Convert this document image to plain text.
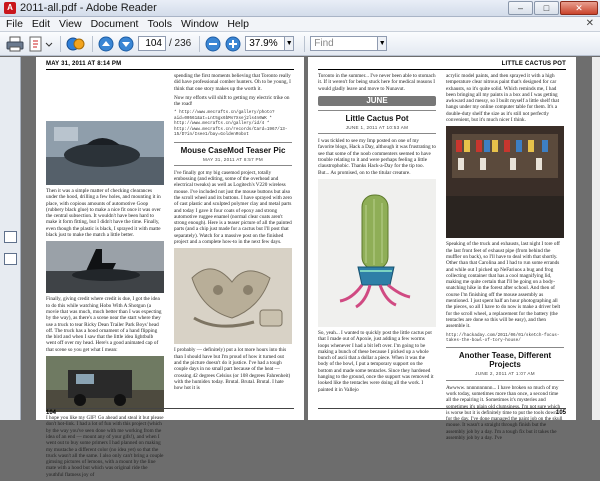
A 2011-all.pdf - Adobe Reader	–	□	✕
File Edit View Document Tools Window Help	✕
104 / 236	37.9%	▼	Find	▼
MAY 31, 2011 AT 8:14 PM

Then it was a simple matter of checking clearances under the hood, drilling a few holes, and mounting it in place, with copious amounts of automotive Goop (rubbery black glue) to make a nice fit once it was over the central subsection. It wouldn't have been hard to make it form fitting, but I didn't have the time. Finally, even though the plastic is black, I sprayed it with matte black just to make the match a little better.

Finally, giving credit where credit is due, I got the idea to do this while watching Hobo With A Shotgun (a movie that was much, much better than I was expecting by the way), as there's a scene near the start where they use a truck to tear Ricky Dean Trailer Park Boys' head off. The truck has a hood ornament of a hand flipping the bird and when I saw that the little idea lightbulb went off over my head. Here's a good animated cap of that scene so you get what I mean:

I hope you like my GIF! Go ahead and steal it but please don't hot-link. I had a lot of fun with this project (which by the way you've seen done with me working from the idea of an end — mount any of your gifs!), and when I went out to buy some primers I had planned on making my mustache a different color (no idea yet) so that the truck wasn't all the same. I also only can't bring a couple gimsing pictures of lemons, with a mount by the line mate with a hood but which was original ride the youthful flatness joy of

spending the first moments believing that Toronto really did have professional comber hunters. Oh to be young, I think that one story makes up the worth it.

Now my efforts will shift to getting my electric trike on the road!

* http://www.mecrafts.cn/gallery/photo?aid=00561&at=Lnt5gx6bMs7Xsej2ls4n6WK * http://www.mecrafts.cn/gallery/id/4 * http://www.mecrafts.cn/records/Card=1967/13-15/D?in/Isee1/bay=GoldenRobot

Mouse CaseMod Teaser Pic
MAY 31, 2011 AT 8:57 PM

I've finally got my big casemod project, totally embossing (and editing, some of the overhead and electrical tweaks) as well as Logitech's V220 wireless mouse. I've included not just the mouse buttons but also the scroll wheel and its buttons. I have sprayed with zero of cast plastic and sculpted polymer clay and metal parts and today I gave it four coats of epoxy and strong automotive ruggee enamel (normal clear coats aren't strong enough). Here is a teaser picture of all the painted parts (and a chip just made for a cactus but I'll post that separately). Watch for a massive post on the finished project and a complete how-to in the next few days.

I probably — definitely) put a lot more hours into this than I should have but I'm proud of how it turned out and the picture doesn't do it justice. I've had a tough couple days in no small part because of the heat — crossing 42 degrees Celsius (or 108 degrees Fahrenheit) with the humidex today. Brutal. Brutal. Brutal. I hate how hot it is

104
LITTLE CACTUS POT

Toronto in the summer... I've never been able to stomach it. If it weren't for being stuck here for medical reasons I would gladly leave and move to Nunavut.

JUNE
Little Cactus Pot
JUNE 1, 2011 AT 10:53 AM

I was tickled to see my Imp posted on one of my favorite blogs, Hack a Day, although it was frustrating to see that some of the noob commenters seemed to have trouble relating to it and were perhaps feeling a little claustrophobic. Thanks Hack-a-Day for the tip too. But... As promised, on to the titular creature.

So, yeah... I wanted to quickly post the little cactus pot that I made out of Apoxie, just adding a few worms loops whenever I had a bit left over. I'm going to be making a bunch of these because I picked up a whole bunch of ascii that a dollar a piece. When it was the body of the bowl, I put a temporary support on the bottom and made some tentacles. Since they hardened hanging to the ground, once the support was removed it looked like the tentacles were doing all the work. I painted it in Vallejo

acrylic model paints, and then sprayed it with a high temperature clear nitrous paint that's designed for car exhausts, so it's quite solid. Which reminds me, I had been bringing all my paints in a box and I was getting awkward and messy, so I built myself a little shelf that hangs under my online computer table for them. It's a double-duty shelf the size as it's still not perfectly convenient, but it's much nicer I think.

Speaking of the truck and exhausts, last night I tore off the last front feet of exhaust pipe (from behind the muffler on back), so I'll have to deal with that shortly. Other than that Carolina and I had to run some errands and while out I picked up NeFariuos a bug and frog collecting container that has a cool magnifying lid, making me quite certain that I'll be going on a body-snatching hike in the forest after school. And then of course I'm finishing off the mouse assembly as mentioned. I just spent half an hour photographing all the pieces, so all I have to do now is make a driver belt for the scroll wheel, a replacement for the battery (the tentacles are done so this will be easy), and then assemble it.

http://hackaday.com/2011/06/01/sketch-focus-takes-the-bowl-of-tory-house/

Another Tease, Different Projects
JUNE 2, 2011 AT 1:07 AM

Awwww. nnnnnnnnnn... I have broken so much of my work today, sometimes more than once, a second time all the repairing it. Sometimes it's mysteries and sometimes it's plain old clumsiness. I'm not sure which is worse but it is definitely time to put the tools down for the day. I've done managed the paint job on the skull mouse. It wasn't a straight through finish but the assembly job by a day. I'm a tough fix but it takes the assembly job by a day. I've

105
